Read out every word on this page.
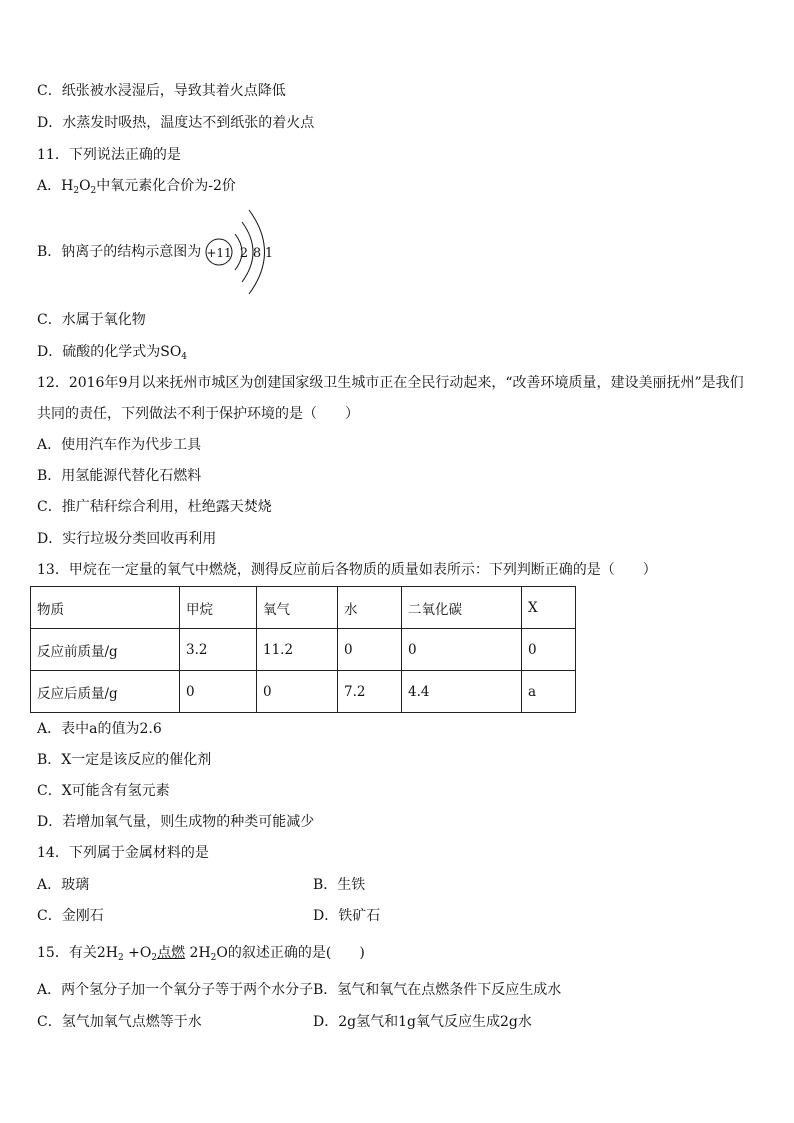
C．纸张被水浸湿后，导致其着火点降低
D．水蒸发时吸热，温度达不到纸张的着火点
11．下列说法正确的是
A．$H_2O_2$中氧元素化合价为-2价
B．钠离子的结构示意图为 +11 2 8 1
C．水属于氧化物
D．硫酸的化学式为$SO_4$
12．2016年9月以来抚州市城区为创建国家级卫生城市正在全民行动起来，“改善环境质量，建设美丽抚州”是我们
共同的责任，下列做法不利于保护环境的是（　　）
A．使用汽车作为代步工具
B．用氢能源代替化石燃料
C．推广秸秆综合利用，杜绝露天焚烧
D．实行垃圾分类回收再利用
13．甲烷在一定量的氧气中燃烧，测得反应前后各物质的质量如表所示：下列判断正确的是（　　）
物质	甲烷	氧气	水	二氧化碳	X
反应前质量/g	3.2	11.2	0	0	0
反应后质量/g	0	0	7.2	4.4	a
A．表中a的值为2.6
B．X一定是该反应的催化剂
C．X可能含有氢元素
D．若增加氧气量，则生成物的种类可能减少
14．下列属于金属材料的是
A．玻璃	B．生铁
C．金刚石	D．铁矿石
15．有关$2H_2 +O_2$点燃 $2H_2O$的叙述正确的是(　　)
A．两个氢分子加一个氧分子等于两个水分子 B．氢气和氧气在点燃条件下反应生成水
C．氢气加氧气点燃等于水	D．2g氢气和1g氧气反应生成2g水
